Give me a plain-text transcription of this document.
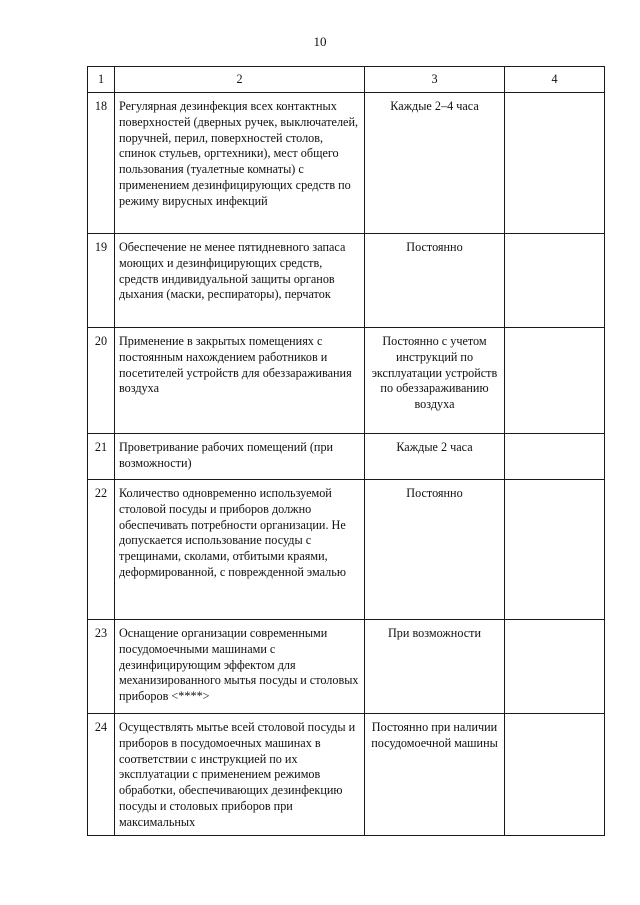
10
1	2	3	4
18	Регулярная дезинфекция всех контактных поверхностей (дверных ручек, выключателей, поручней, перил, поверхностей столов, спинок стульев, оргтехники), мест общего пользования (туалетные комнаты) с применением дезинфицирующих средств по режиму вирусных инфекций	Каждые 2–4 часа	
19	Обеспечение не менее пятидневного запаса моющих и дезинфицирующих средств, средств индивидуальной защиты органов дыхания (маски, респираторы), перчаток	Постоянно	
20	Применение в закрытых помещениях с постоянным нахождением работников и посетителей устройств для обеззараживания воздуха	Постоянно с учетом инструкций по эксплуатации устройств по обеззараживанию воздуха	
21	Проветривание рабочих помещений (при возможности)	Каждые 2 часа	
22	Количество одновременно используемой столовой посуды и приборов должно обеспечивать потребности организации. Не допускается использование посуды с трещинами, сколами, отбитыми краями, деформированной, с поврежденной эмалью	Постоянно	
23	Оснащение организации современными посудомоечными машинами с дезинфицирующим эффектом для механизированного мытья посуды и столовых приборов <****>	При возможности	
24	Осуществлять мытье всей столовой посуды и приборов в посудомоечных машинах в соответствии с инструкцией по их эксплуатации с применением режимов обработки, обеспечивающих дезинфекцию посуды и столовых приборов при максимальных	Постоянно при наличии посудомоечной машины	
